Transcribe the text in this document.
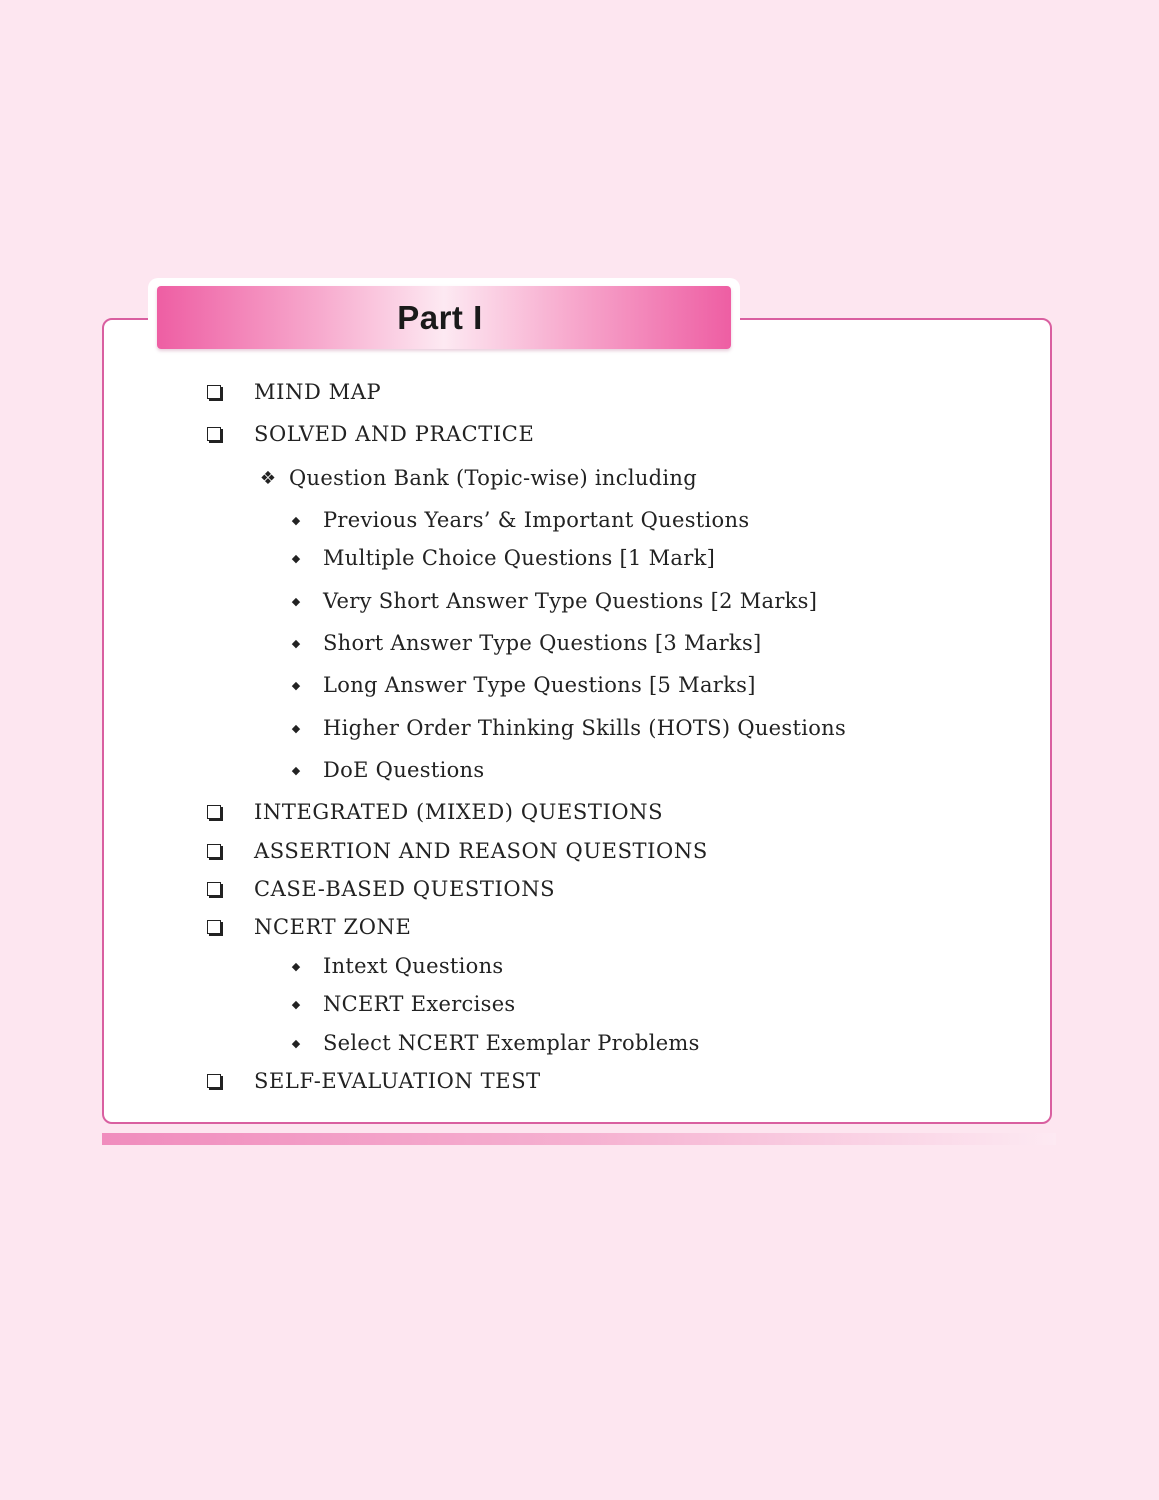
Part I
MIND MAP
SOLVED AND PRACTICE
❖ Question Bank (Topic-wise) including
◆ Previous Years’ & Important Questions
◆ Multiple Choice Questions [1 Mark]
◆ Very Short Answer Type Questions [2 Marks]
◆ Short Answer Type Questions [3 Marks]
◆ Long Answer Type Questions [5 Marks]
◆ Higher Order Thinking Skills (HOTS) Questions
◆ DoE Questions
INTEGRATED (MIXED) QUESTIONS
ASSERTION AND REASON QUESTIONS
CASE-BASED QUESTIONS
NCERT ZONE
◆ Intext Questions
◆ NCERT Exercises
◆ Select NCERT Exemplar Problems
SELF-EVALUATION TEST
